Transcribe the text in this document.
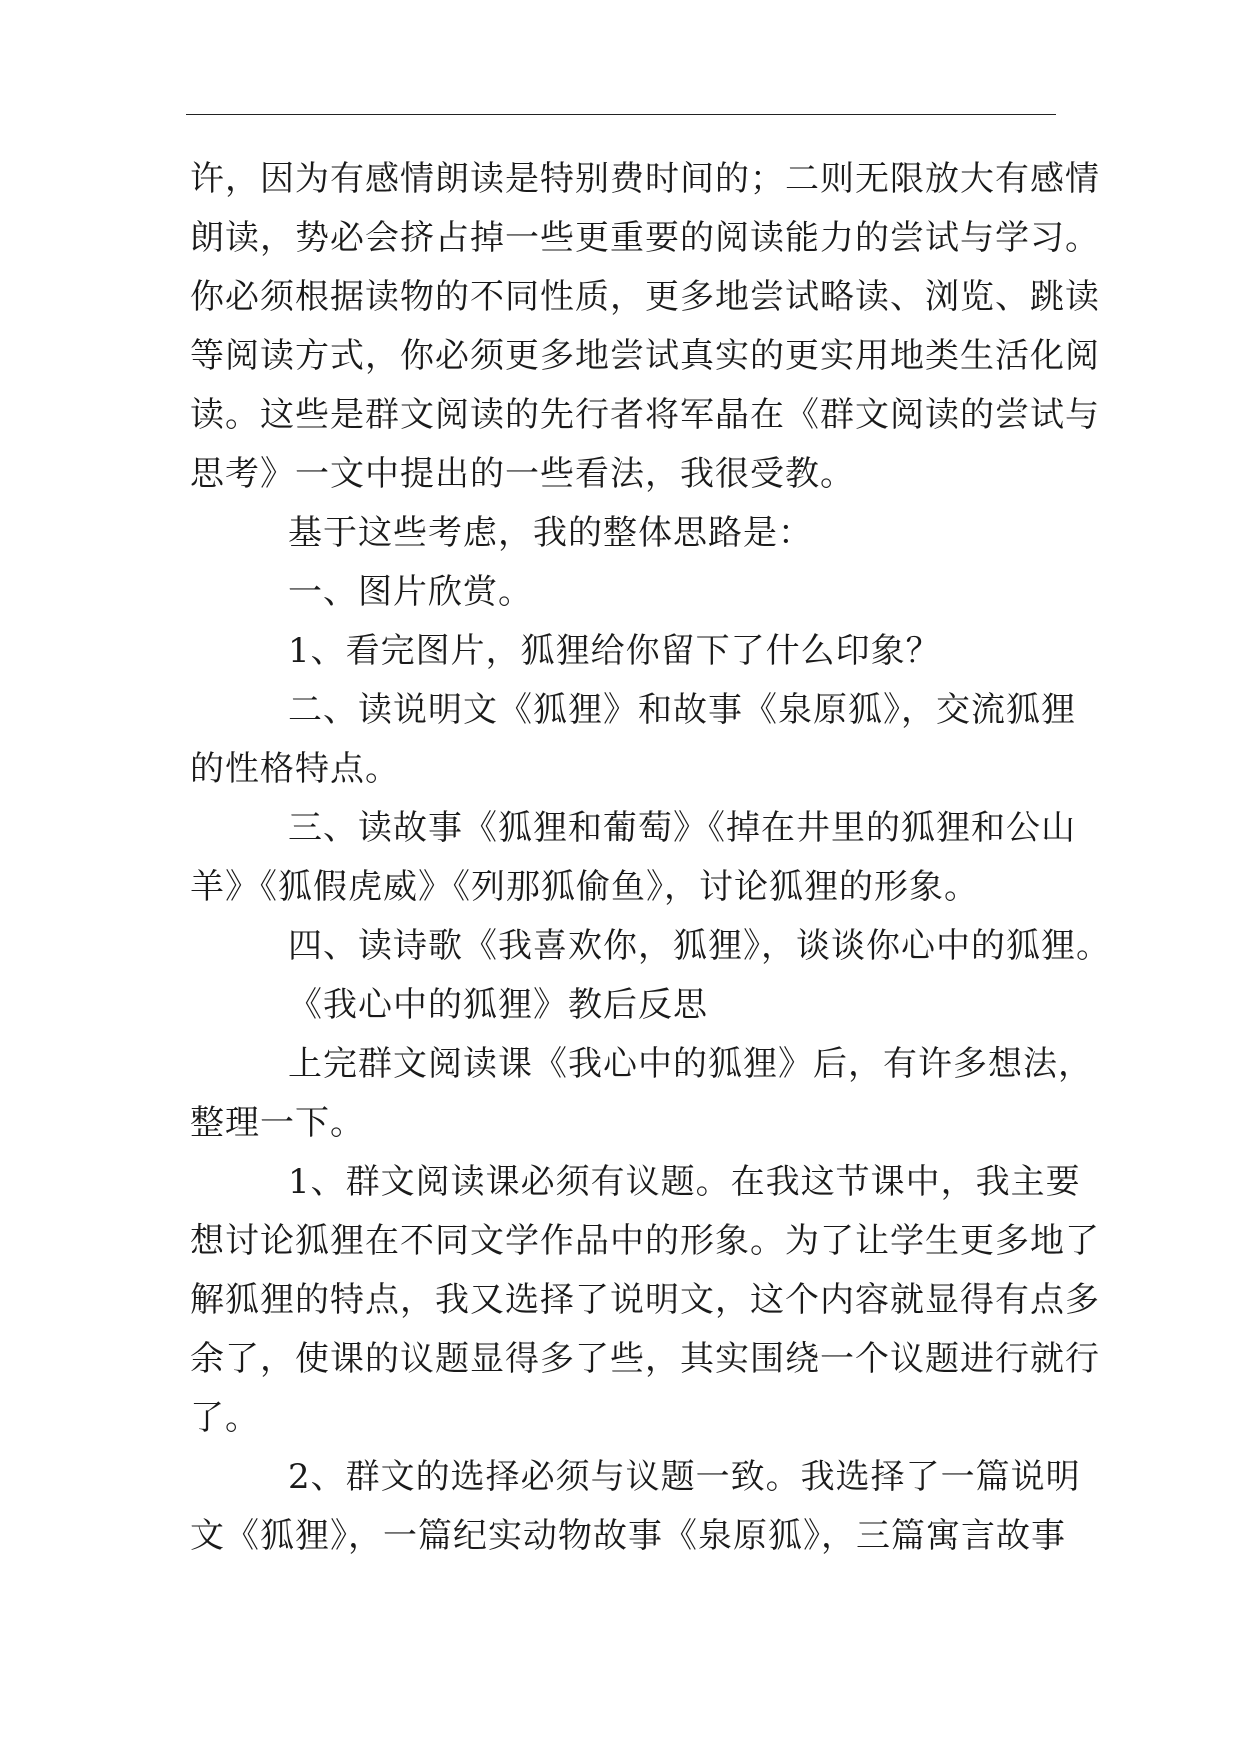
许，因为有感情朗读是特别费时间的；二则无限放大有感情
朗读，势必会挤占掉一些更重要的阅读能力的尝试与学习。
你必须根据读物的不同性质，更多地尝试略读、浏览、跳读
等阅读方式，你必须更多地尝试真实的更实用地类生活化阅
读。这些是群文阅读的先行者将军晶在《群文阅读的尝试与
思考》一文中提出的一些看法，我很受教。
基于这些考虑，我的整体思路是：
一、图片欣赏。
1、看完图片，狐狸给你留下了什么印象？
二、读说明文《狐狸》和故事《泉原狐》，交流狐狸
的性格特点。
三、读故事《狐狸和葡萄》《掉在井里的狐狸和公山
羊》《狐假虎威》《列那狐偷鱼》，讨论狐狸的形象。
四、读诗歌《我喜欢你，狐狸》，谈谈你心中的狐狸。
《我心中的狐狸》教后反思
上完群文阅读课《我心中的狐狸》后，有许多想法，
整理一下。
1、群文阅读课必须有议题。在我这节课中，我主要
想讨论狐狸在不同文学作品中的形象。为了让学生更多地了
解狐狸的特点，我又选择了说明文，这个内容就显得有点多
余了，使课的议题显得多了些，其实围绕一个议题进行就行
了。
2、群文的选择必须与议题一致。我选择了一篇说明
文《狐狸》，一篇纪实动物故事《泉原狐》，三篇寓言故事
